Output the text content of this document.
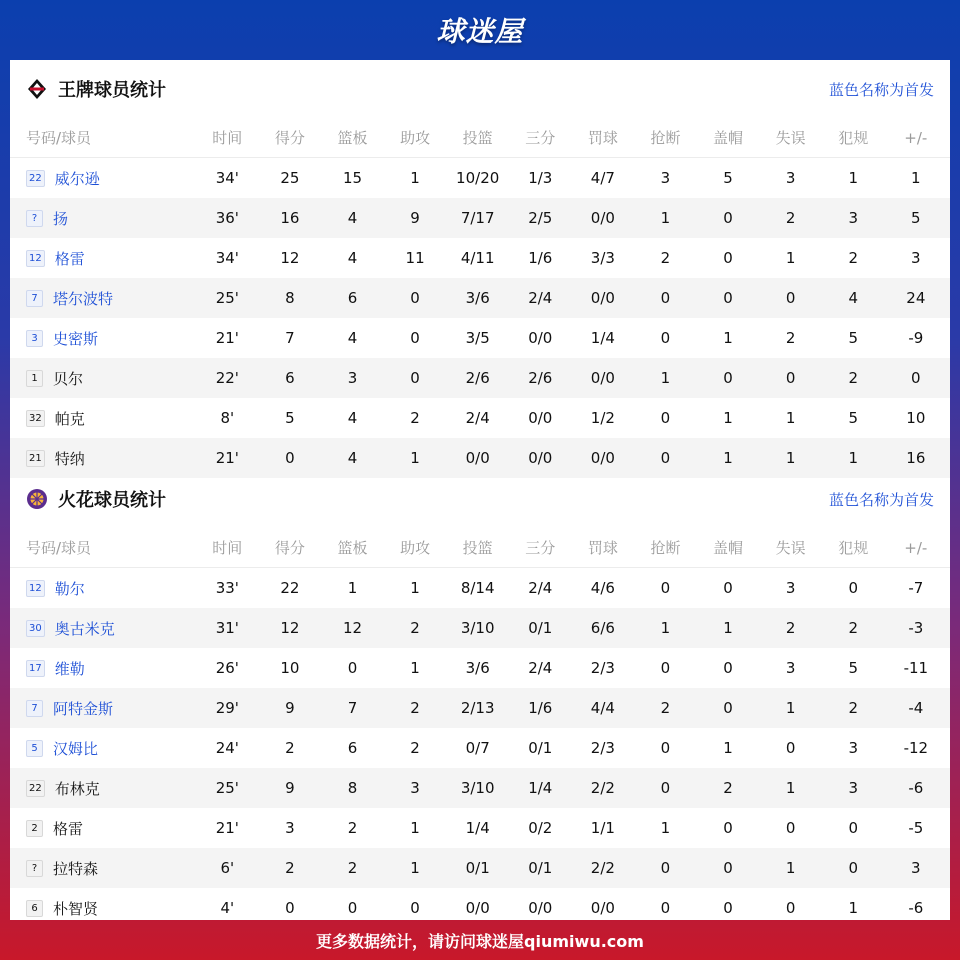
球迷屋
王牌球员统计	蓝色名称为首发
号码/球员	时间	得分	篮板	助攻	投篮	三分	罚球	抢断	盖帽	失误	犯规	+/-
22 威尔逊	34'	25	15	1	10/20	1/3	4/7	3	5	3	1	1
?	扬	36'	16	4	9	7/17	2/5	0/0	1	0	2	3	5
12 格雷	34'	12	4	11	4/11	1/6	3/3	2	0	1	2	3
7	塔尔波特	25'	8	6	0	3/6	2/4	0/0	0	0	0	4	24
3	史密斯	21'	7	4	0	3/5	0/0	1/4	0	1	2	5	-9
1	贝尔	22'	6	3	0	2/6	2/6	0/0	1	0	0	2	0
32 帕克	8'	5	4	2	2/4	0/0	1/2	0	1	1	5	10
21 特纳	21'	0	4	1	0/0	0/0	0/0	0	1	1	1	16
火花球员统计	蓝色名称为首发
号码/球员	时间	得分	篮板	助攻	投篮	三分	罚球	抢断	盖帽	失误	犯规	+/-
12 勒尔	33'	22	1	1	8/14	2/4	4/6	0	0	3	0	-7
30 奥古米克	31'	12	12	2	3/10	0/1	6/6	1	1	2	2	-3
17 维勒	26'	10	0	1	3/6	2/4	2/3	0	0	3	5	-11
7	阿特金斯	29'	9	7	2	2/13	1/6	4/4	2	0	1	2	-4
5	汉姆比	24'	2	6	2	0/7	0/1	2/3	0	1	0	3	-12
22 布林克	25'	9	8	3	3/10	1/4	2/2	0	2	1	3	-6
2	格雷	21'	3	2	1	1/4	0/2	1/1	1	0	0	0	-5
?	拉特森	6'	2	2	1	0/1	0/1	2/2	0	0	1	0	3
6	朴智贤	4'	0	0	0	0/0	0/0	0/0	0	0	0	1	-6
更多数据统计，请访问球迷屋qiumiwu.com
